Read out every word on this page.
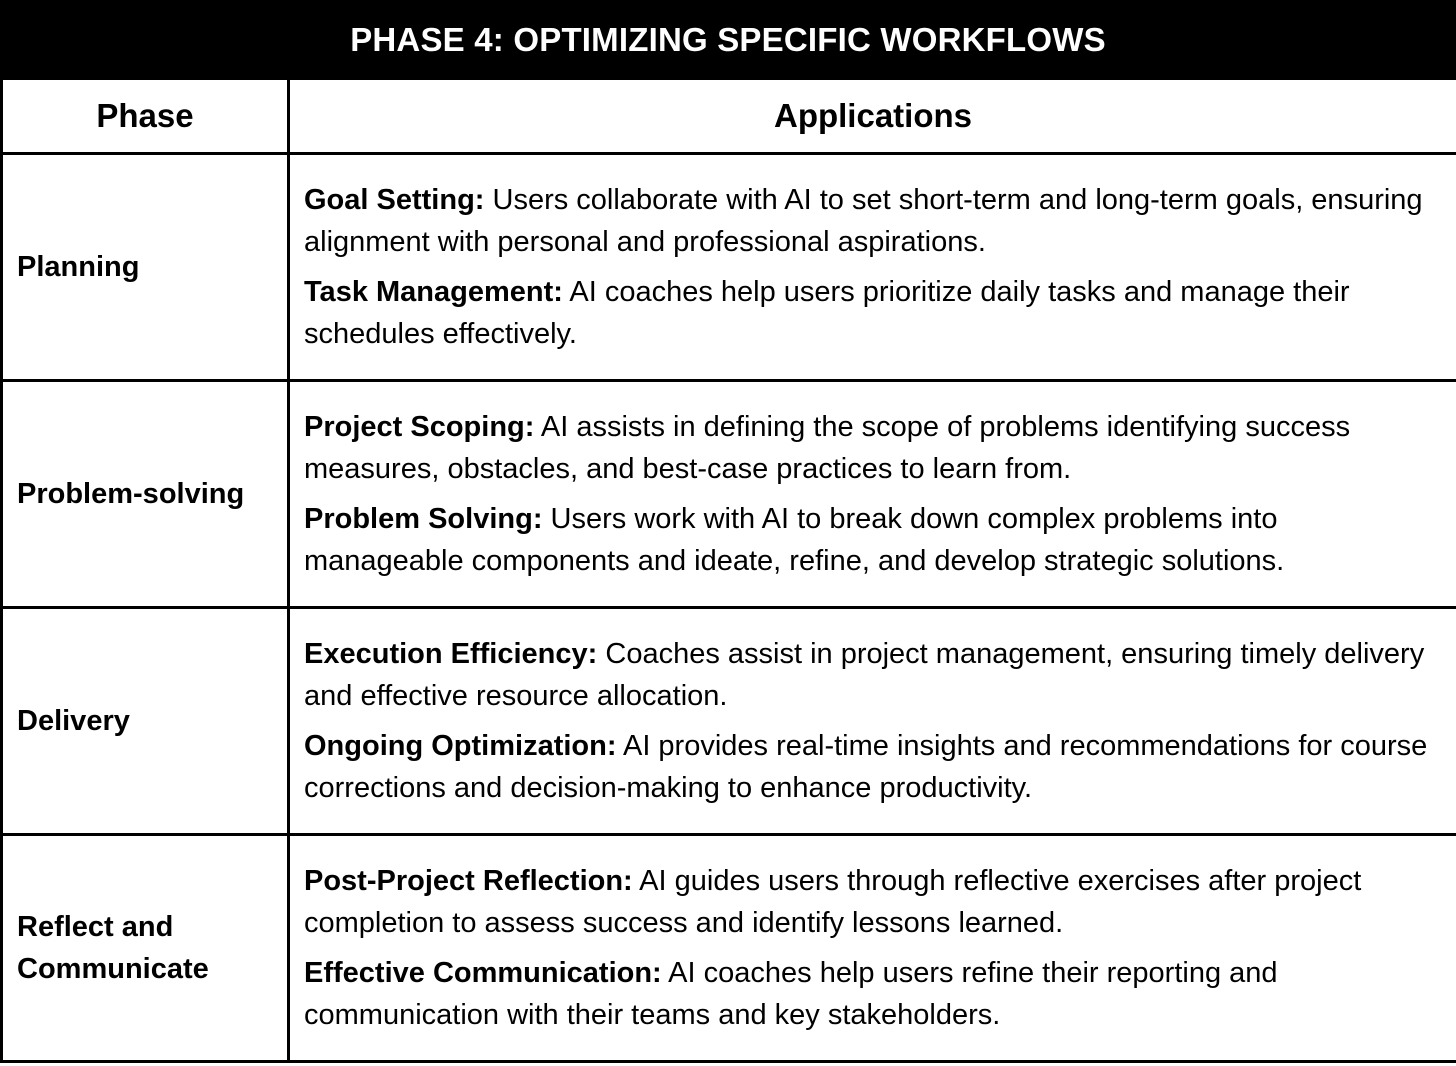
PHASE 4: OPTIMIZING SPECIFIC WORKFLOWS
Phase	Applications
Planning	Goal Setting: Users collaborate with AI to set short-term and long-term goals, ensuring alignment with personal and professional aspirations.

Task Management: AI coaches help users prioritize daily tasks and manage their schedules effectively.

Problem-solving	Project Scoping: AI assists in defining the scope of problems identifying success measures, obstacles, and best-case practices to learn from.

Problem Solving: Users work with AI to break down complex problems into manageable components and ideate, refine, and develop strategic solutions.

Delivery	Execution Efficiency: Coaches assist in project management, ensuring timely delivery and effective resource allocation.

Ongoing Optimization: AI provides real-time insights and recommendations for course corrections and decision-making to enhance productivity.

Reflect and Communicate	Post-Project Reflection: AI guides users through reflective exercises after project completion to assess success and identify lessons learned.

Effective Communication: AI coaches help users refine their reporting and communication with their teams and key stakeholders.
